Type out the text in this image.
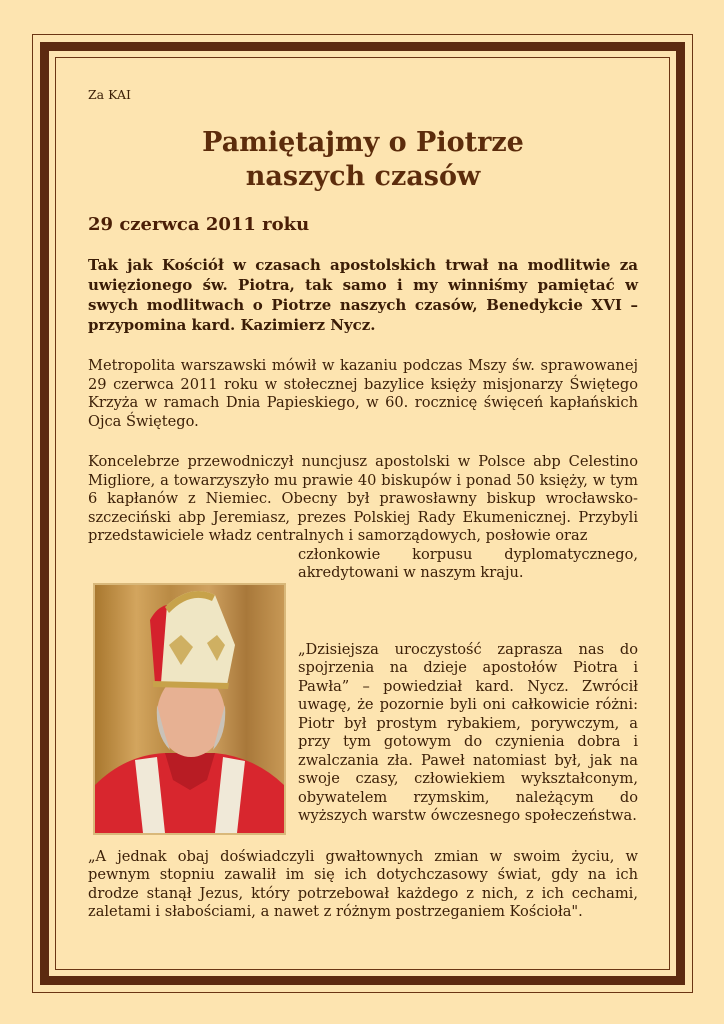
Za KAI

Pamiętajmy o Piotrze
naszych czasów

29 czerwca 2011 roku

Tak jak Kościół w czasach apostolskich trwał na modlitwie za uwięzionego św. Piotra, tak samo i my winniśmy pamiętać w swych modlitwach o Piotrze naszych czasów, Benedykcie XVI – przypomina kard. Kazimierz Nycz.

Metropolita warszawski mówił w kazaniu podczas Mszy św. sprawowanej 29 czerwca 2011 roku w stołecznej bazylice księży misjonarzy Świętego Krzyża w ramach Dnia Papieskiego, w 60. rocznicę święceń kapłańskich Ojca Świętego.

Koncelebrze przewodniczył nuncjusz apostolski w Polsce abp Celestino Migliore, a towarzyszyło mu prawie 40 biskupów i ponad 50 księży, w tym 6 kapłanów z Niemiec. Obecny był prawosławny biskup wrocławsko-szczeciński abp Jeremiasz, prezes Polskiej Rady Ekumenicznej. Przybyli przedstawiciele władz centralnych i samorządowych, posłowie oraz

członkowie korpusu dyplomatycznego, akredytowani w naszym kraju.

„Dzisiejsza uroczystość zaprasza nas do spojrzenia na dzieje apostołów Piotra i Pawła” – powiedział kard. Nycz. Zwrócił uwagę, że pozornie byli oni całkowicie różni: Piotr był prostym rybakiem, porywczym, a przy tym gotowym do czynienia dobra i zwalczania zła. Paweł natomiast był, jak na swoje czasy, człowiekiem wykształconym, obywatelem rzymskim, należącym do wyższych warstw ówczesnego społeczeństwa.

„A jednak obaj doświadczyli gwałtownych zmian w swoim życiu, w pewnym stopniu zawalił im się ich dotychczasowy świat, gdy na ich drodze stanął Jezus, który potrzebował każdego z nich, z ich cechami, zaletami i słabościami, a nawet z różnym postrzeganiem Kościoła".
